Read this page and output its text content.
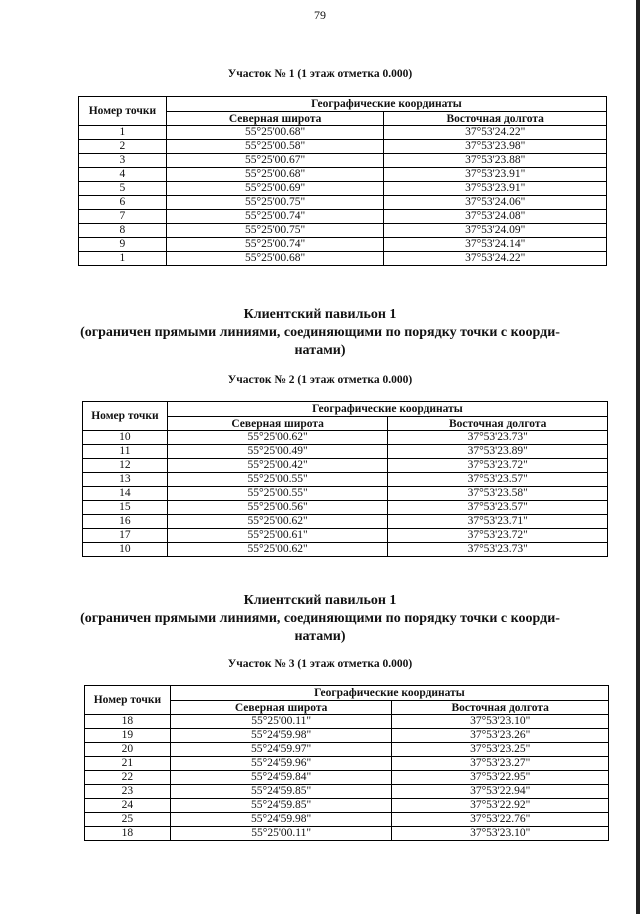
79
Участок № 1 (1 этаж отметка 0.000)
Номер точки	Географические координаты	
	Северная широта	Восточная долгота
1	55°25'00.68"	37°53'24.22"
2	55°25'00.58"	37°53'23.98"
3	55°25'00.67"	37°53'23.88"
4	55°25'00.68"	37°53'23.91"
5	55°25'00.69"	37°53'23.91"
6	55°25'00.75"	37°53'24.06"
7	55°25'00.74"	37°53'24.08"
8	55°25'00.75"	37°53'24.09"
9	55°25'00.74"	37°53'24.14"
1	55°25'00.68"	37°53'24.22"
Клиентский павильон 1
(ограничен прямыми линиями, соединяющими по порядку точки с коорди-
натами)
Участок № 2 (1 этаж отметка 0.000)
Номер точки	Географические координаты	
	Северная широта	Восточная долгота
10	55°25'00.62"	37°53'23.73"
11	55°25'00.49"	37°53'23.89"
12	55°25'00.42"	37°53'23.72"
13	55°25'00.55"	37°53'23.57"
14	55°25'00.55"	37°53'23.58"
15	55°25'00.56"	37°53'23.57"
16	55°25'00.62"	37°53'23.71"
17	55°25'00.61"	37°53'23.72"
10	55°25'00.62"	37°53'23.73"
Клиентский павильон 1
(ограничен прямыми линиями, соединяющими по порядку точки с коорди-
натами)
Участок № 3 (1 этаж отметка 0.000)
Номер точки	Географические координаты	
	Северная широта	Восточная долгота
18	55°25'00.11"	37°53'23.10"
19	55°24'59.98"	37°53'23.26"
20	55°24'59.97"	37°53'23.25"
21	55°24'59.96"	37°53'23.27"
22	55°24'59.84"	37°53'22.95"
23	55°24'59.85"	37°53'22.94"
24	55°24'59.85"	37°53'22.92"
25	55°24'59.98"	37°53'22.76"
18	55°25'00.11"	37°53'23.10"
